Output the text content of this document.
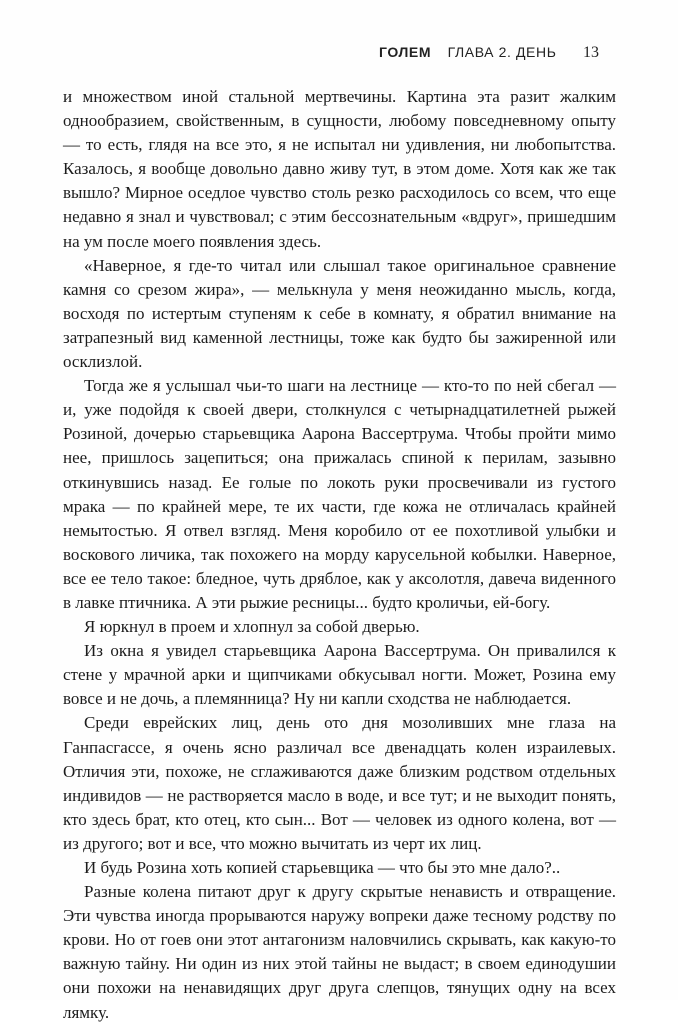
ГОЛЕМ ГЛАВА 2. ДЕНЬ 13

и множеством иной стальной мертвечины. Картина эта разит жалким однообразием, свойственным, в сущности, любому повседневному опыту — то есть, глядя на все это, я не испытал ни удивления, ни любопытства. Казалось, я вообще довольно давно живу тут, в этом доме. Хотя как же так вышло? Мирное оседлое чувство столь резко расходилось со всем, что еще недавно я знал и чувствовал; с этим бессознательным «вдруг», пришедшим на ум после моего появления здесь.

«Наверное, я где-то читал или слышал такое оригинальное сравнение камня со срезом жира», — мелькнула у меня неожиданно мысль, когда, восходя по истертым ступеням к себе в комнату, я обратил внимание на затрапезный вид каменной лестницы, тоже как будто бы зажиренной или осклизлой.

Тогда же я услышал чьи-то шаги на лестнице — кто-то по ней сбегал — и, уже подойдя к своей двери, столкнулся с четырнадцатилетней рыжей Розиной, дочерью старьевщика Аарона Вассертрума. Чтобы пройти мимо нее, пришлось зацепиться; она прижалась спиной к перилам, зазывно откинувшись назад. Ее голые по локоть руки просвечивали из густого мрака — по крайней мере, те их части, где кожа не отличалась крайней немытостью. Я отвел взгляд. Меня коробило от ее похотливой улыбки и воскового личика, так похожего на морду карусельной кобылки. Наверное, все ее тело такое: бледное, чуть дряблое, как у аксолотля, давеча виденного в лавке птичника. А эти рыжие ресницы... будто кроличьи, ей-богу.

Я юркнул в проем и хлопнул за собой дверью.

Из окна я увидел старьевщика Аарона Вассертрума. Он привалился к стене у мрачной арки и щипчиками обкусывал ногти. Может, Розина ему вовсе и не дочь, а племянница? Ну ни капли сходства не наблюдается.

Среди еврейских лиц, день ото дня мозоливших мне глаза на Ганпасгассе, я очень ясно различал все двенадцать колен израилевых. Отличия эти, похоже, не сглаживаются даже близким родством отдельных индивидов — не растворяется масло в воде, и все тут; и не выходит понять, кто здесь брат, кто отец, кто сын... Вот — человек из одного колена, вот — из другого; вот и все, что можно вычитать из черт их лиц.

И будь Розина хоть копией старьевщика — что бы это мне дало?..

Разные колена питают друг к другу скрытые ненависть и отвращение. Эти чувства иногда прорываются наружу вопреки даже тесному родству по крови. Но от гоев они этот антагонизм наловчились скрывать, как какую-то важную тайну. Ни один из них этой тайны не выдаст; в своем единодушии они похожи на ненавидящих друг друга слепцов, тянущих одну на всех лямку.
